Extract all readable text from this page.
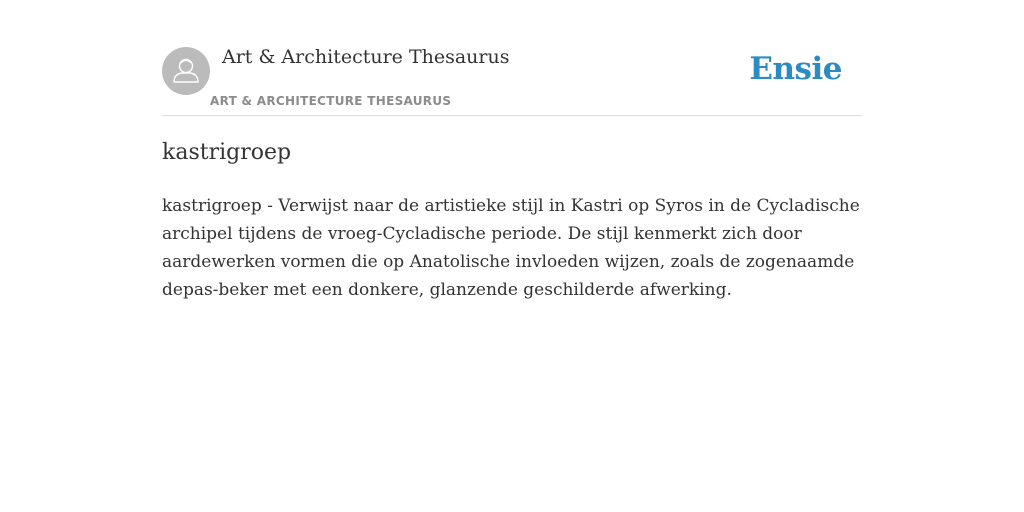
Art & Architecture Thesaurus
ART & ARCHITECTURE THESAURUS
Ensie
kastrigroep

kastrigroep - Verwijst naar de artistieke stijl in Kastri op Syros in de Cycladische archipel tijdens de vroeg-Cycladische periode. De stijl kenmerkt zich door aardewerken vormen die op Anatolische invloeden wijzen, zoals de zogenaamde depas-beker met een donkere, glanzende geschilderde afwerking.
